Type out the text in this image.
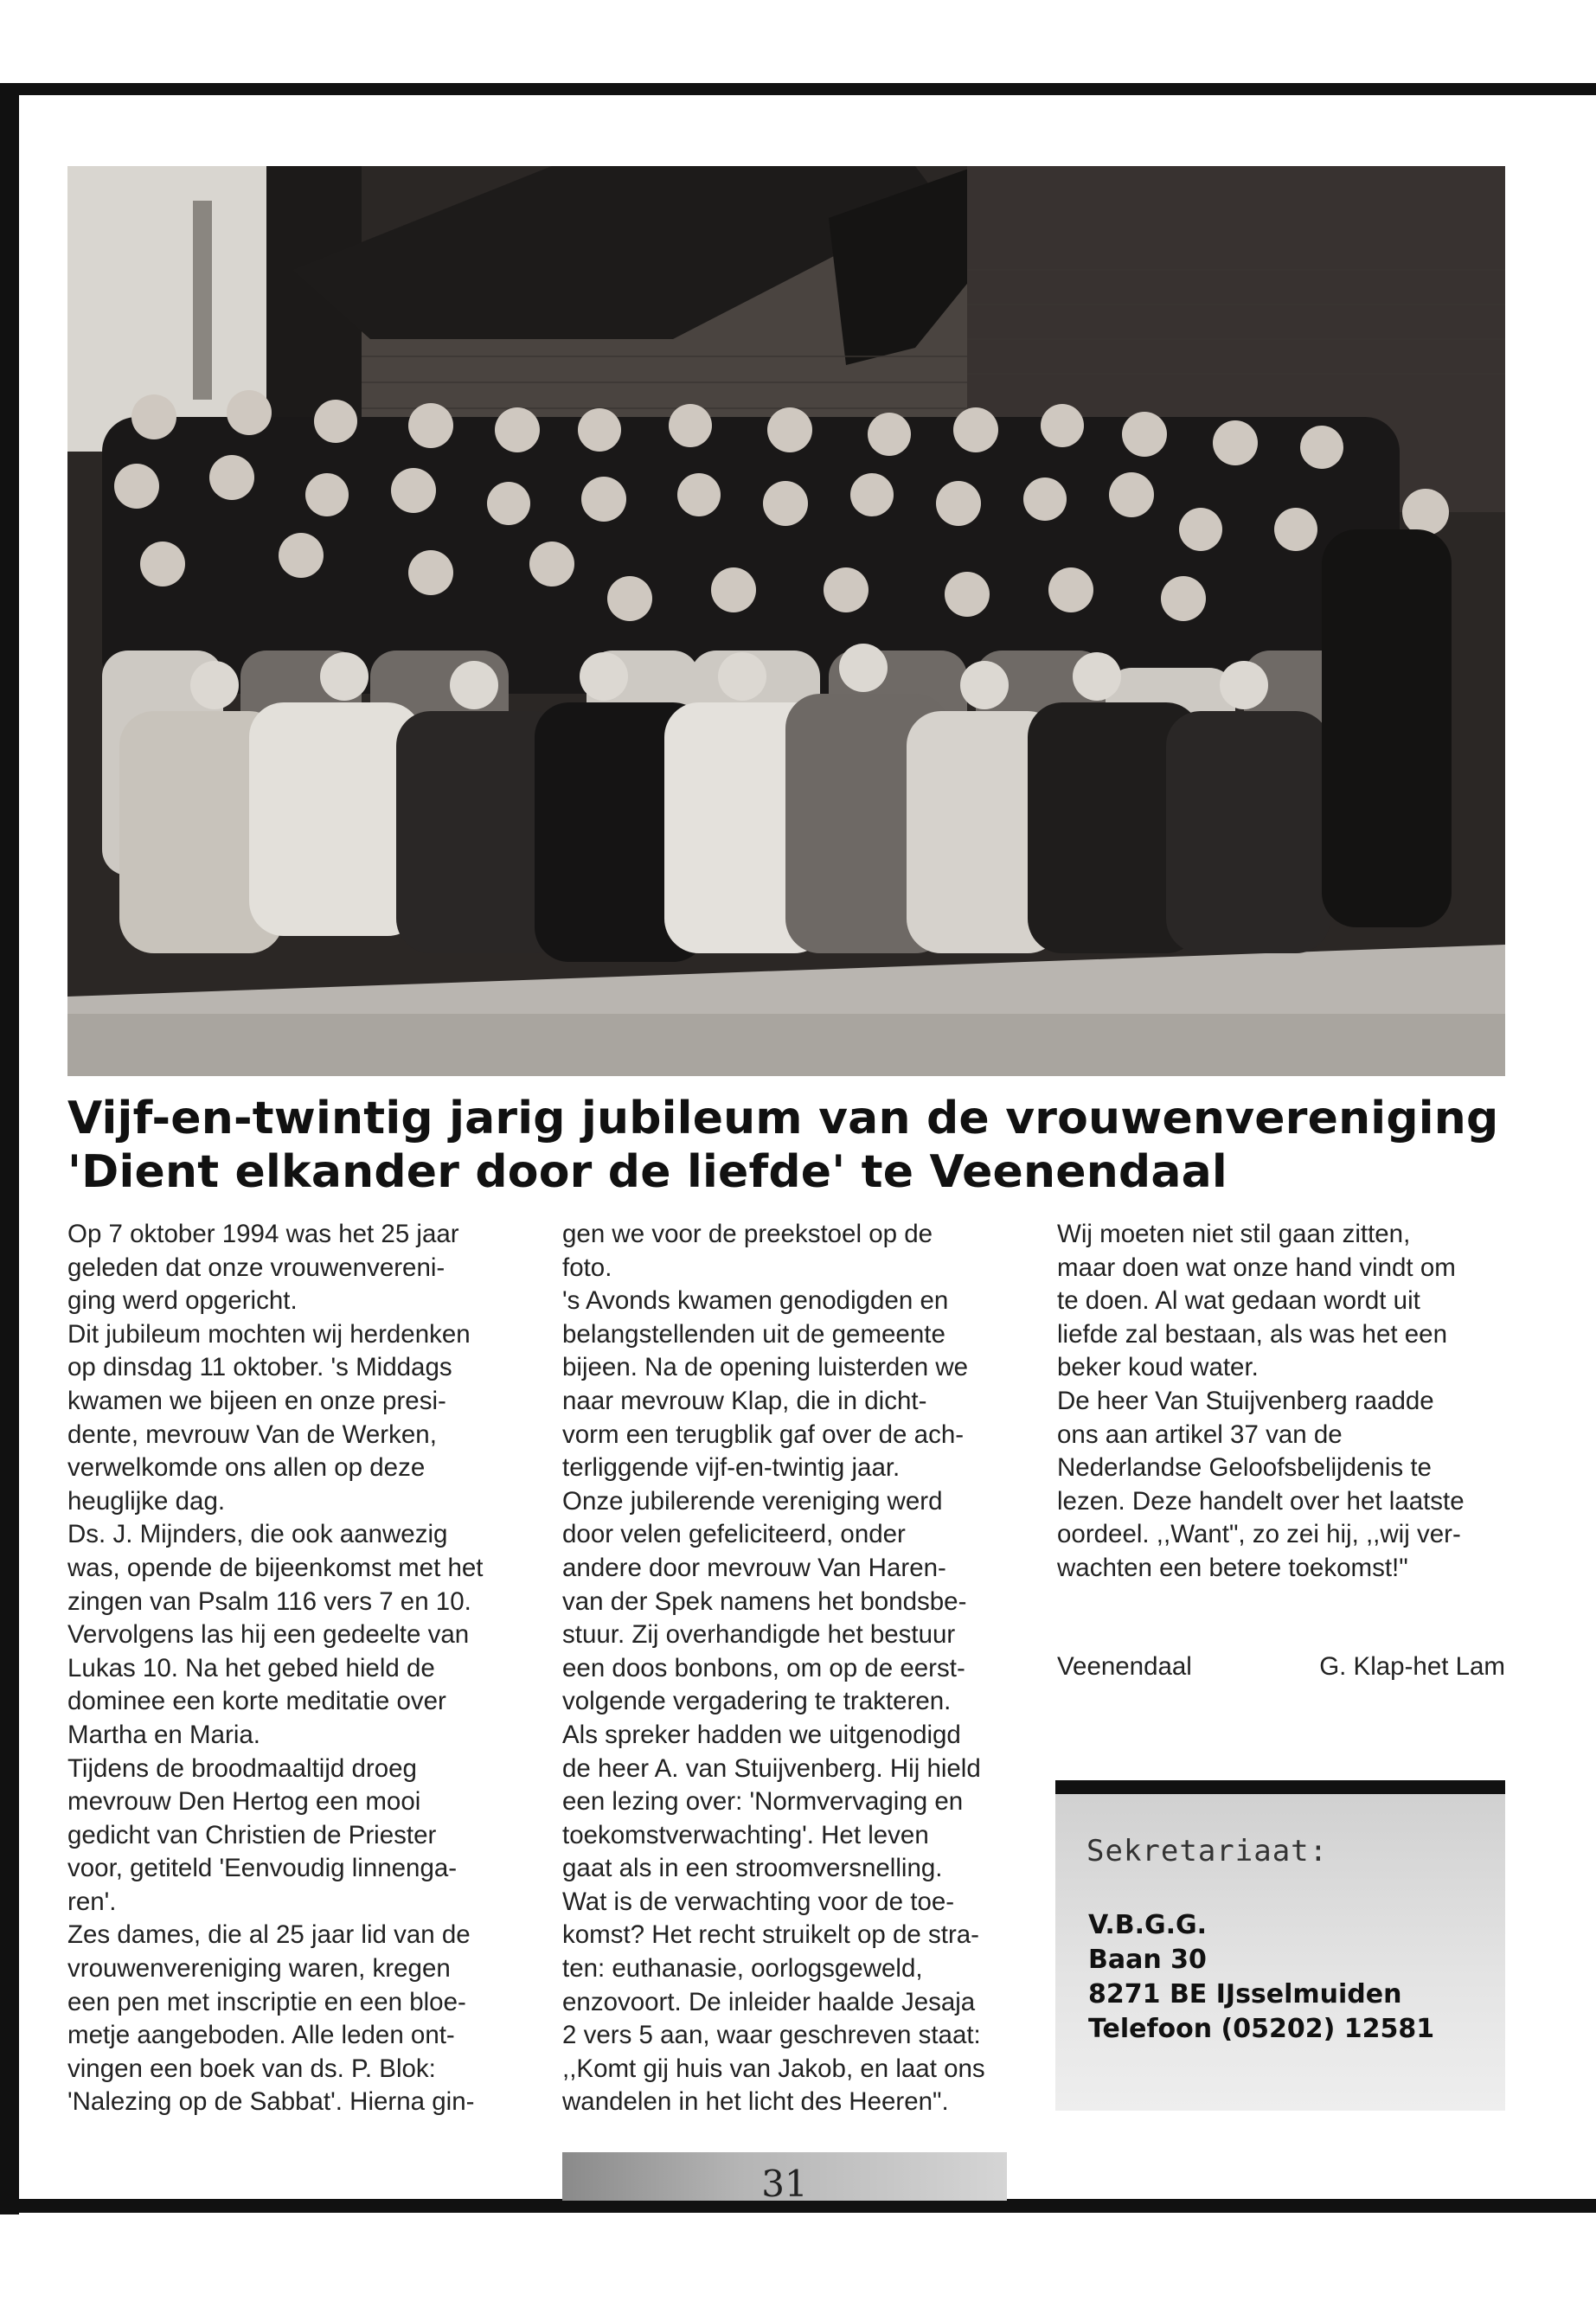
Vijf-en-twintig jarig jubileum van de vrouwenvereniging
'Dient elkander door de liefde' te Veenendaal

Op 7 oktober 1994 was het 25 jaar

geleden dat onze vrouwenvereni-

ging werd opgericht.

Dit jubileum mochten wij herdenken

op dinsdag 11 oktober. 's Middags

kwamen we bijeen en onze presi-

dente, mevrouw Van de Werken,

verwelkomde ons allen op deze

heuglijke dag.

Ds. J. Mijnders, die ook aanwezig

was, opende de bijeenkomst met het

zingen van Psalm 116 vers 7 en 10.

Vervolgens las hij een gedeelte van

Lukas 10. Na het gebed hield de

dominee een korte meditatie over

Martha en Maria.

Tijdens de broodmaaltijd droeg

mevrouw Den Hertog een mooi

gedicht van Christien de Priester

voor, getiteld 'Eenvoudig linnenga-

ren'.

Zes dames, die al 25 jaar lid van de

vrouwenvereniging waren, kregen

een pen met inscriptie en een bloe-

metje aangeboden. Alle leden ont-

vingen een boek van ds. P. Blok:

'Nalezing op de Sabbat'. Hierna gin-

gen we voor de preekstoel op de

foto.

's Avonds kwamen genodigden en

belangstellenden uit de gemeente

bijeen. Na de opening luisterden we

naar mevrouw Klap, die in dicht-

vorm een terugblik gaf over de ach-

terliggende vijf-en-twintig jaar.

Onze jubilerende vereniging werd

door velen gefeliciteerd, onder

andere door mevrouw Van Haren-

van der Spek namens het bondsbe-

stuur. Zij overhandigde het bestuur

een doos bonbons, om op de eerst-

volgende vergadering te trakteren.

Als spreker hadden we uitgenodigd

de heer A. van Stuijvenberg. Hij hield

een lezing over: 'Normvervaging en

toekomstverwachting'. Het leven

gaat als in een stroomversnelling.

Wat is de verwachting voor de toe-

komst? Het recht struikelt op de stra-

ten: euthanasie, oorlogsgeweld,

enzovoort. De inleider haalde Jesaja

2 vers 5 aan, waar geschreven staat:

,,Komt gij huis van Jakob, en laat ons

wandelen in het licht des Heeren".

Wij moeten niet stil gaan zitten,

maar doen wat onze hand vindt om

te doen. Al wat gedaan wordt uit

liefde zal bestaan, als was het een

beker koud water.

De heer Van Stuijvenberg raadde

ons aan artikel 37 van de

Nederlandse Geloofsbelijdenis te

lezen. Deze handelt over het laatste

oordeel. ,,Want", zo zei hij, ,,wij ver-

wachten een betere toekomst!"

Veenendaal	G. Klap-het Lam
Sekretariaat:
V.B.G.G.
Baan 30
8271 BE IJsselmuiden
Telefoon (05202) 12581
31
